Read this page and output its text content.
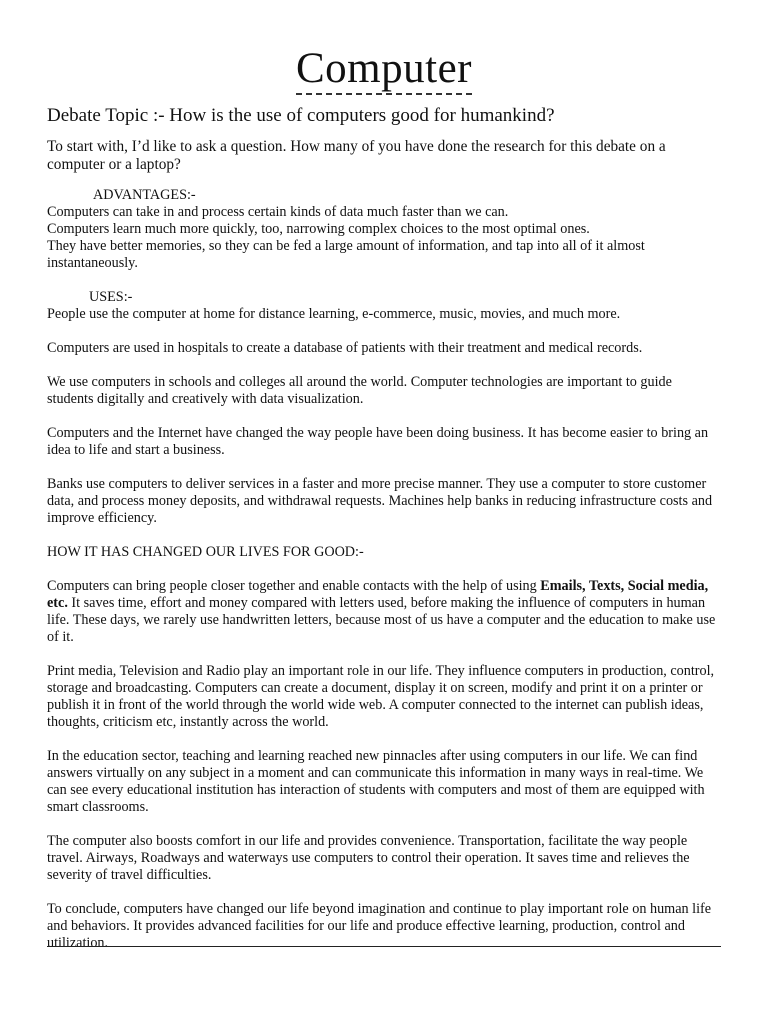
Computer

Debate Topic :- How is the use of computers good for humankind?

To start with, I’d like to ask a question. How many of you have done the research for this debate on a computer or a laptop?

ADVANTAGES:-

Computers can take in and process certain kinds of data much faster than we can.

Computers learn much more quickly, too, narrowing complex choices to the most optimal ones.

They have better memories, so they can be fed a large amount of information, and tap into all of it almost instantaneously.

USES:-

People use the computer at home for distance learning, e-commerce, music, movies, and much more.

Computers are used in hospitals to create a database of patients with their treatment and medical records.

We use computers in schools and colleges all around the world. Computer technologies are important to guide students digitally and creatively with data visualization.

Computers and the Internet have changed the way people have been doing business. It has become easier to bring an idea to life and start a business.

Banks use computers to deliver services in a faster and more precise manner. They use a computer to store customer data, and process money deposits, and withdrawal requests. Machines help banks in reducing infrastructure costs and improve efficiency.

HOW IT HAS CHANGED OUR LIVES FOR GOOD:-

Computers can bring people closer together and enable contacts with the help of using Emails, Texts, Social media, etc. It saves time, effort and money compared with letters used, before making the influence of computers in human life. These days, we rarely use handwritten letters, because most of us have a computer and the education to make use of it.

Print media, Television and Radio play an important role in our life. They influence computers in production, control, storage and broadcasting. Computers can create a document, display it on screen, modify and print it on a printer or publish it in front of the world through the world wide web. A computer connected to the internet can publish ideas, thoughts, criticism etc, instantly across the world.

In the education sector, teaching and learning reached new pinnacles after using computers in our life. We can find answers virtually on any subject in a moment and can communicate this information in many ways in real-time. We can see every educational institution has interaction of students with computers and most of them are equipped with smart classrooms.

The computer also boosts comfort in our life and provides convenience. Transportation, facilitate the way people travel. Airways, Roadways and waterways use computers to control their operation. It saves time and relieves the severity of travel difficulties.

To conclude, computers have changed our life beyond imagination and continue to play important role on human life and behaviors. It provides advanced facilities for our life and produce effective learning, production, control and utilization.
